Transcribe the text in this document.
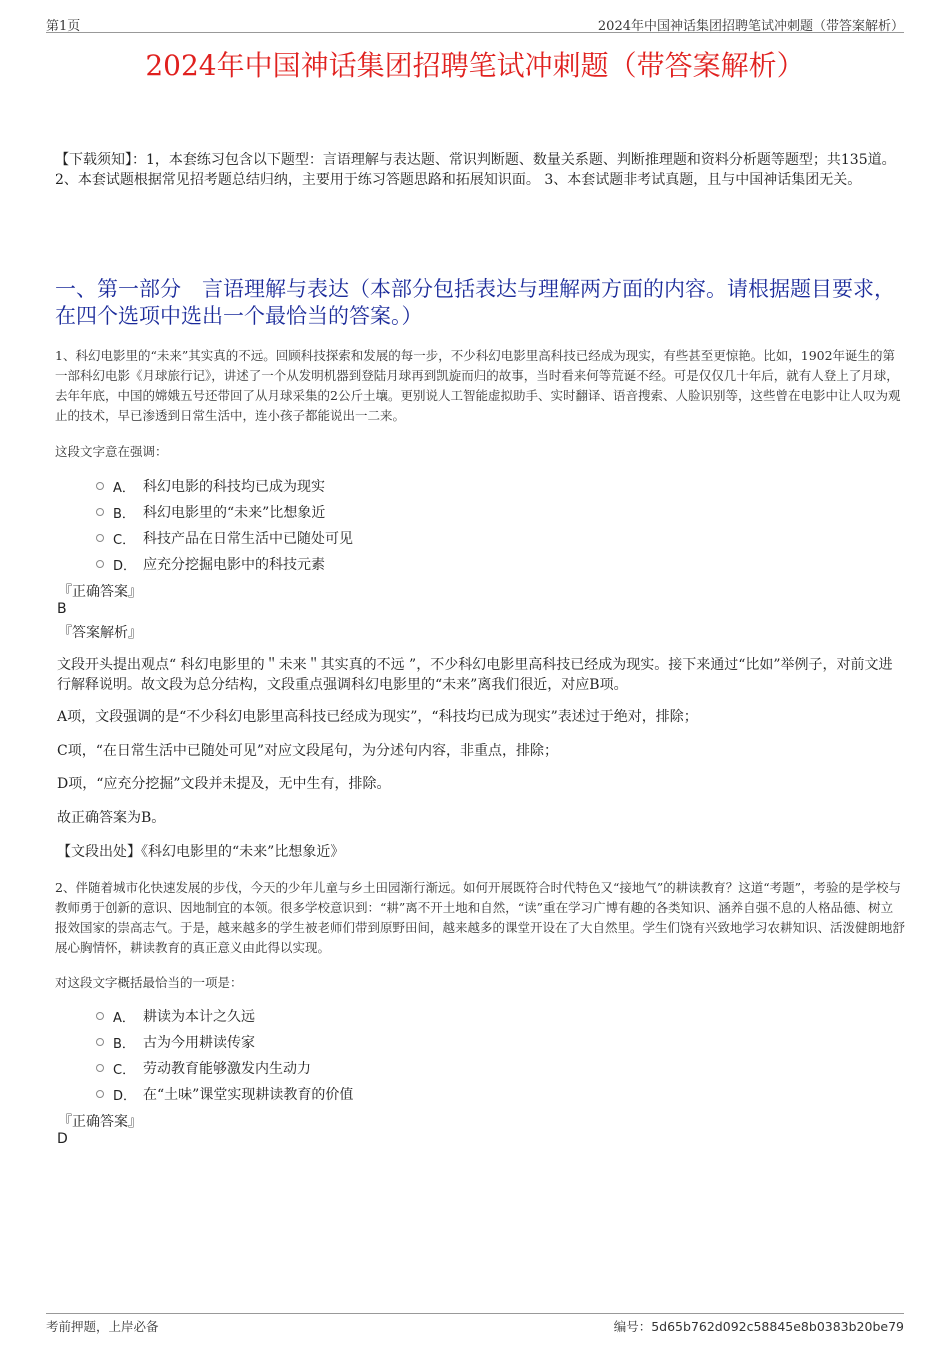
第1页	2024年中国神话集团招聘笔试冲刺题（带答案解析）
2024年中国神话集团招聘笔试冲刺题（带答案解析）
【下载须知】：1，本套练习包含以下题型：言语理解与表达题、常识判断题、数量关系题、判断推理题和资料分析题等题型；共135道。 2、本套试题根据常见招考题总结归纳，主要用于练习答题思路和拓展知识面。 3、本套试题非考试真题，且与中国神话集团无关。
一、第一部分　言语理解与表达（本部分包括表达与理解两方面的内容。请根据题目要求，在四个选项中选出一个最恰当的答案。）
1、科幻电影里的“未来”其实真的不远。回顾科技探索和发展的每一步，不少科幻电影里高科技已经成为现实，有些甚至更惊艳。比如，1902年诞生的第一部科幻电影《月球旅行记》，讲述了一个从发明机器到登陆月球再到凯旋而归的故事，当时看来何等荒诞不经。可是仅仅几十年后，就有人登上了月球，去年年底，中国的嫦娥五号还带回了从月球采集的2公斤土壤。更别说人工智能虚拟助手、实时翻译、语音搜索、人脸识别等，这些曾在电影中让人叹为观止的技术，早已渗透到日常生活中，连小孩子都能说出一二来。
这段文字意在强调：
A． 科幻电影的科技均已成为现实
B． 科幻电影里的“未来”比想象近
C． 科技产品在日常生活中已随处可见
D． 应充分挖掘电影中的科技元素
『正确答案』
B
『答案解析』
文段开头提出观点“ 科幻电影里的＂未来＂其实真的不远 ”，不少科幻电影里高科技已经成为现实。接下来通过“比如”举例子，对前文进行解释说明。故文段为总分结构，文段重点强调科幻电影里的“未来”离我们很近，对应B项。
A项，文段强调的是“不少科幻电影里高科技已经成为现实”，“科技均已成为现实”表述过于绝对，排除；
C项，“在日常生活中已随处可见”对应文段尾句，为分述句内容，非重点，排除；
D项，“应充分挖掘”文段并未提及，无中生有，排除。
故正确答案为B。
【文段出处】《科幻电影里的“未来”比想象近》
2、伴随着城市化快速发展的步伐，今天的少年儿童与乡土田园渐行渐远。如何开展既符合时代特色又“接地气”的耕读教育？这道“考题”，考验的是学校与教师勇于创新的意识、因地制宜的本领。很多学校意识到：“耕”离不开土地和自然，“读”重在学习广博有趣的各类知识、涵养自强不息的人格品德、树立报效国家的崇高志气。于是，越来越多的学生被老师们带到原野田间，越来越多的课堂开设在了大自然里。学生们饶有兴致地学习农耕知识、活泼健朗地舒展心胸情怀，耕读教育的真正意义由此得以实现。
对这段文字概括最恰当的一项是：
A． 耕读为本计之久远
B． 古为今用耕读传家
C． 劳动教育能够激发内生动力
D． 在“土味”课堂实现耕读教育的价值
『正确答案』
D
考前押题，上岸必备	编号：5d65b762d092c58845e8b0383b20be79
